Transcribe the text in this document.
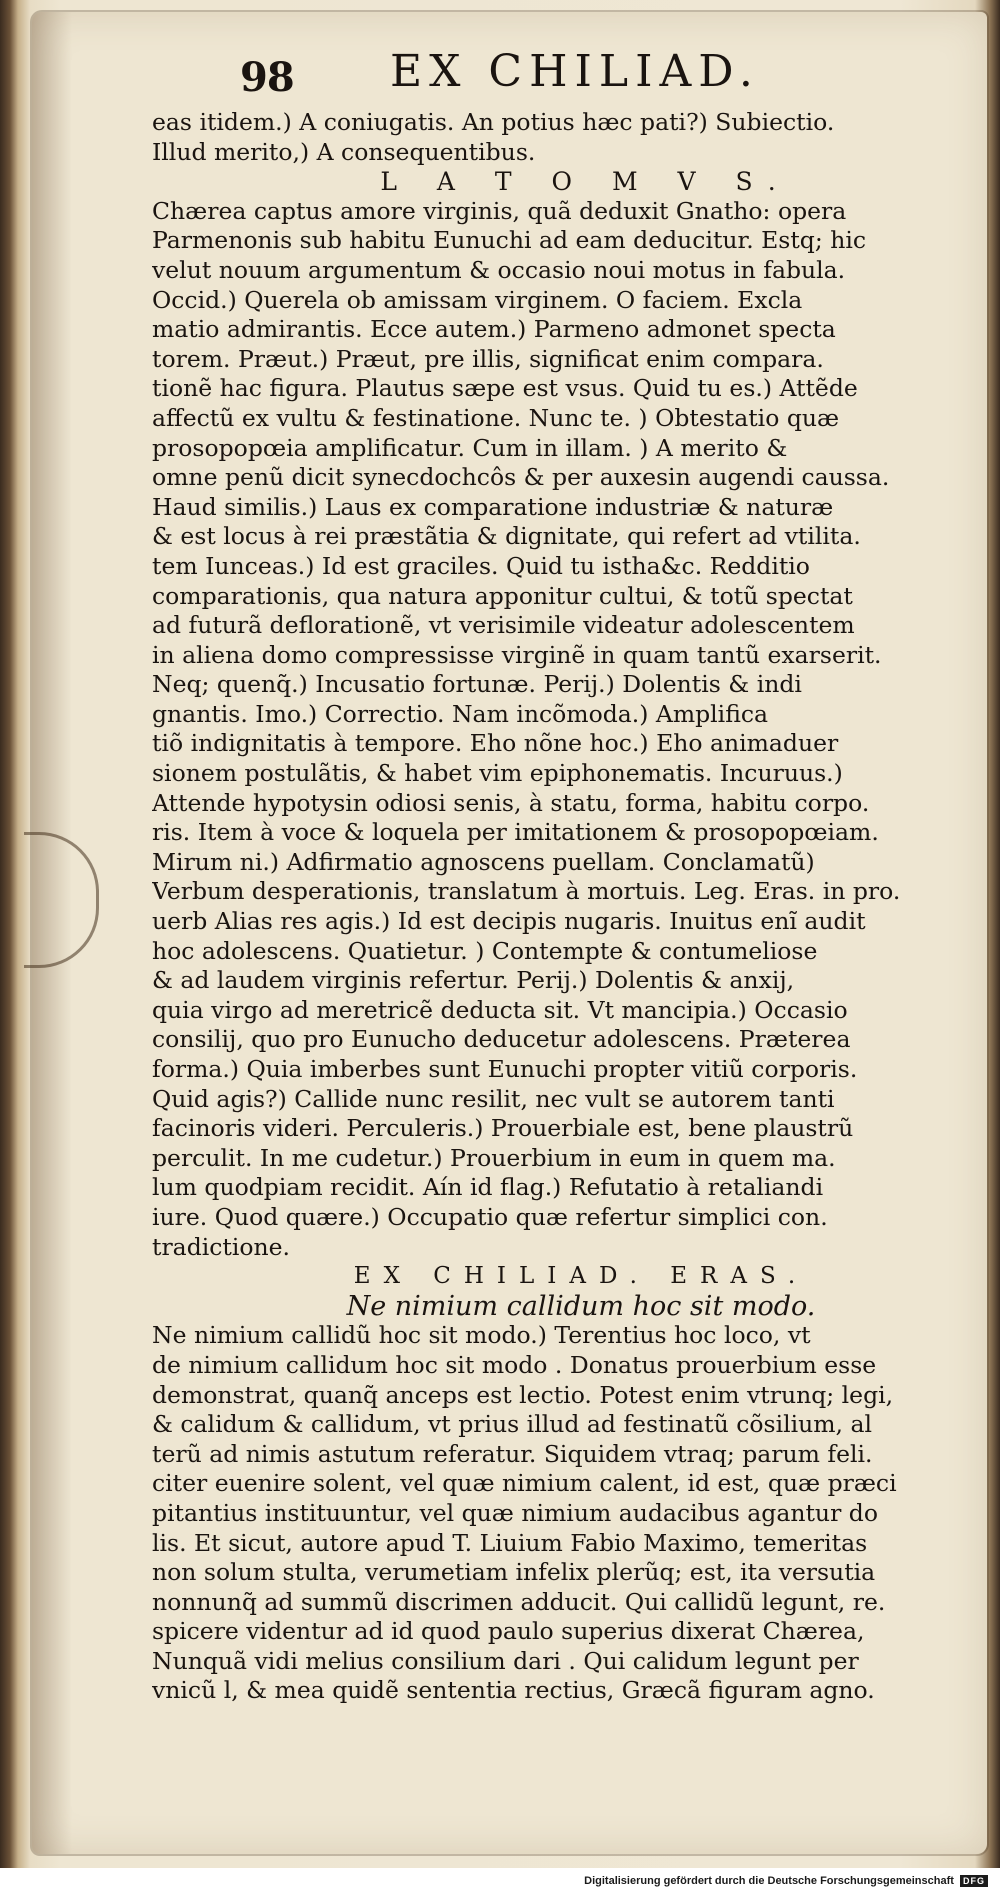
98 EX CHILIAD.
eas itidem.) A coniugatis. An potius hæc pati?) Subiectio.
Illud merito,) A consequentibus.
L A T O M V S.
Chærea captus amore virginis, quã deduxit Gnatho: opera
Parmenonis sub habitu Eunuchi ad eam deducitur. Estq; hic
velut nouum argumentum & occasio noui motus in fabula.
Occid.) Querela ob amissam virginem. O faciem. Excla
matio admirantis. Ecce autem.) Parmeno admonet specta
torem. Præut.) Præut, pre illis, significat enim compara.
tionẽ hac figura. Plautus sæpe est vsus. Quid tu es.) Attẽde
affectũ ex vultu & festinatione. Nunc te. ) Obtestatio quæ
prosopopœia amplificatur. Cum in illam. ) A merito &
omne penũ dicit synecdochcôs & per auxesin augendi caussa.
Haud similis.) Laus ex comparatione industriæ & naturæ
& est locus à rei præstãtia & dignitate, qui refert ad vtilita.
tem Iunceas.) Id est graciles. Quid tu istha&c. Redditio
comparationis, qua natura apponitur cultui, & totũ spectat
ad futurã deflorationẽ, vt verisimile videatur adolescentem
in aliena domo compressisse virginẽ in quam tantũ exarserit.
Neq; quenq̃.) Incusatio fortunæ. Perij.) Dolentis & indi
gnantis. Imo.) Correctio. Nam incõmoda.) Amplifica
tiõ indignitatis à tempore. Eho nõne hoc.) Eho animaduer
sionem postulãtis, & habet vim epiphonematis. Incuruus.)
Attende hypotysin odiosi senis, à statu, forma, habitu corpo.
ris. Item à voce & loquela per imitationem & prosopopœiam.
Mirum ni.) Adfirmatio agnoscens puellam. Conclamatũ)
Verbum desperationis, translatum à mortuis. Leg. Eras. in pro.
uerb Alias res agis.) Id est decipis nugaris. Inuitus enĩ audit
hoc adolescens. Quatietur. ) Contempte & contumeliose
& ad laudem virginis refertur. Perij.) Dolentis & anxij,
quia virgo ad meretricẽ deducta sit. Vt mancipia.) Occasio
consilij, quo pro Eunucho deducetur adolescens. Præterea
forma.) Quia imberbes sunt Eunuchi propter vitiũ corporis.
Quid agis?) Callide nunc resilit, nec vult se autorem tanti
facinoris videri. Perculeris.) Prouerbiale est, bene plaustrũ
perculit. In me cudetur.) Prouerbium in eum in quem ma.
lum quodpiam recidit. Aín id flag.) Refutatio à retaliandi
iure. Quod quære.) Occupatio quæ refertur simplici con.
tradictione.
EX CHILIAD. ERAS.
Ne nimium callidum hoc sit modo.
Ne nimium callidũ hoc sit modo.) Terentius hoc loco, vt
de nimium callidum hoc sit modo . Donatus prouerbium esse
demonstrat, quanq̃ anceps est lectio. Potest enim vtrunq; legi,
& calidum & callidum, vt prius illud ad festinatũ cõsilium, al
terũ ad nimis astutum referatur. Siquidem vtraq; parum feli.
citer euenire solent, vel quæ nimium calent, id est, quæ præci
pitantius instituuntur, vel quæ nimium audacibus agantur do
lis. Et sicut, autore apud T. Liuium Fabio Maximo, temeritas
non solum stulta, verumetiam infelix plerũq; est, ita versutia
nonnunq̃ ad summũ discrimen adducit. Qui callidũ legunt, re.
spicere videntur ad id quod paulo superius dixerat Chærea,
Nunquã vidi melius consilium dari . Qui calidum legunt per
vnicũ l, & mea quidẽ sententia rectius, Græcã figuram agno.
Digitalisierung gefördert durch die Deutsche Forschungsgemeinschaft DFG
